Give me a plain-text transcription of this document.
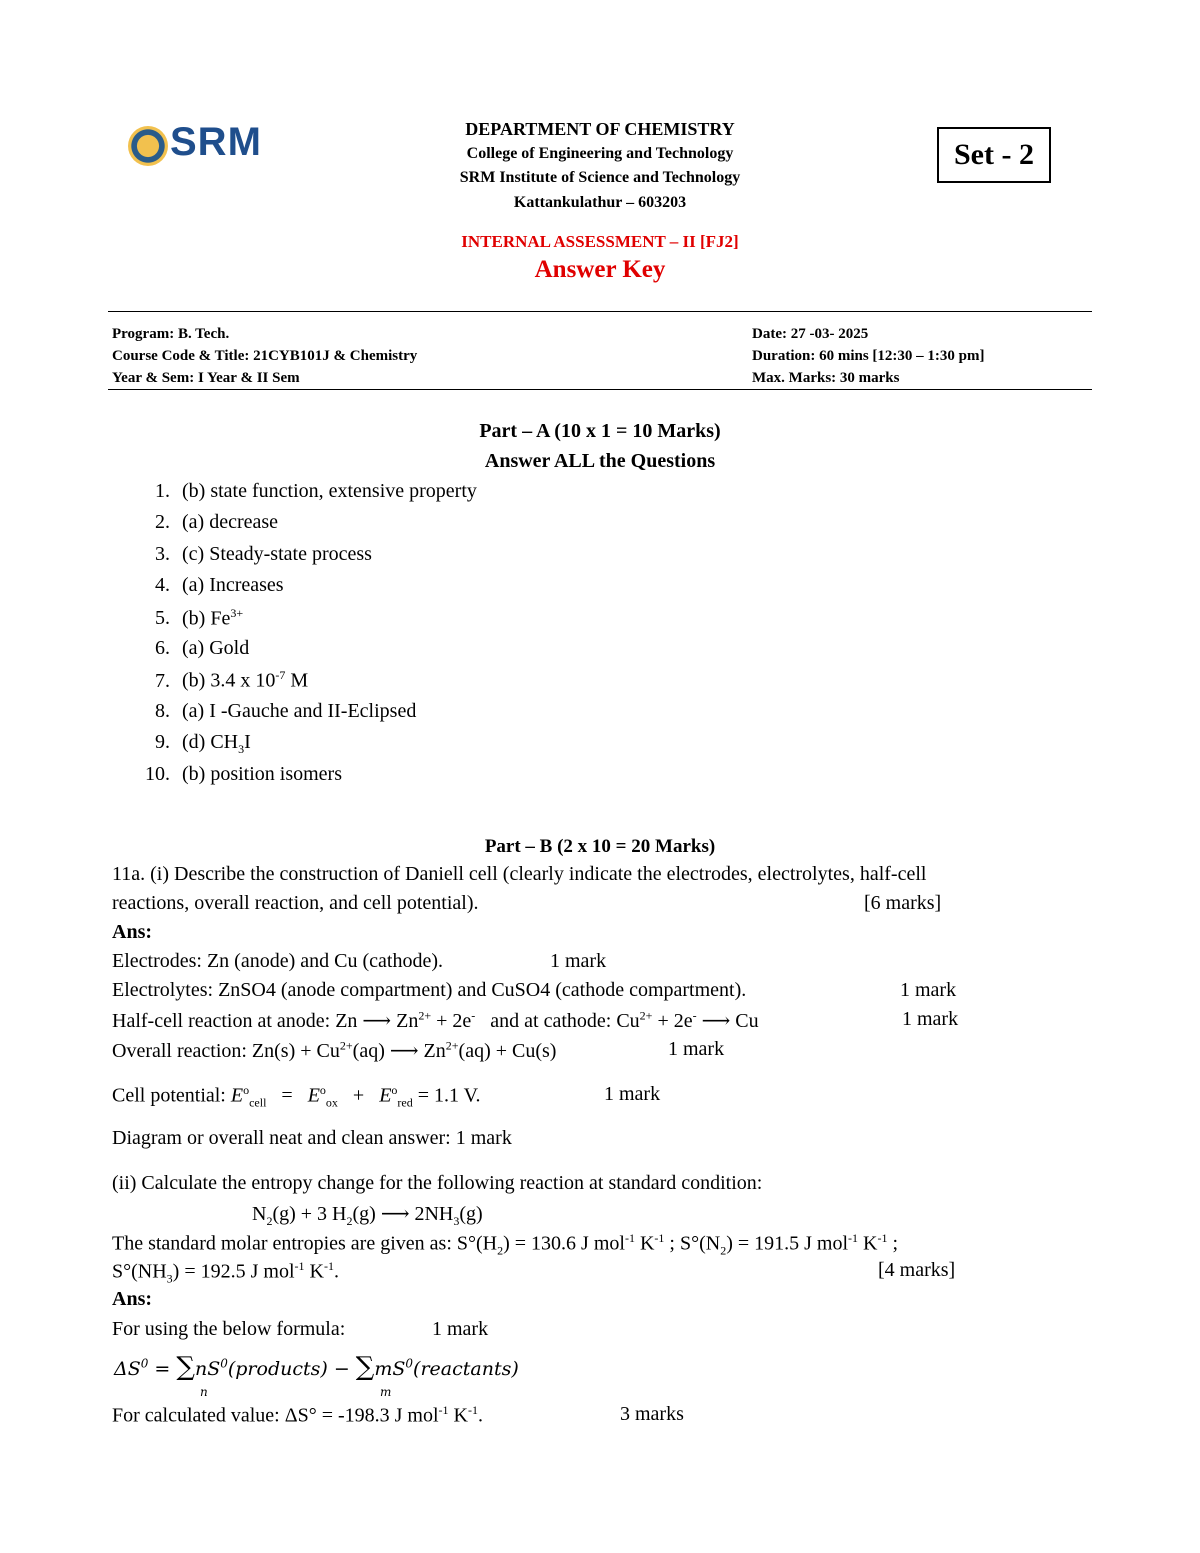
SRM	DEPARTMENT OF CHEMISTRY
College of Engineering and Technology
SRM Institute of Science and Technology
Kattankulathur – 603203
Set - 2
INTERNAL ASSESSMENT – II [FJ2]
Answer Key
Program: B. Tech.
Course Code & Title: 21CYB101J & Chemistry
Year & Sem: I Year & II Sem
Date: 27 -03- 2025
Duration: 60 mins [12:30 – 1:30 pm]
Max. Marks: 30 marks
Part – A (10 x 1 = 10 Marks)
Answer ALL the Questions
1. (b) state function, extensive property
2. (a) decrease
3. (c) Steady-state process
4. (a) Increases
5. (b) $Fe^{3+}$
6. (a) Gold
7. (b) 3.4 x $10^{-7}$ M
8. (a) I -Gauche and II-Eclipsed
9. (d) $CH_3I$
10. (b) position isomers
Part – B (2 x 10 = 20 Marks)
11a. (i) Describe the construction of Daniell cell (clearly indicate the electrodes, electrolytes, half-cell
reactions, overall reaction, and cell potential).	[6 marks]
Ans:
Electrodes: Zn (anode) and Cu (cathode).	1 mark
Electrolytes: ZnSO4 (anode compartment) and CuSO4 (cathode compartment).	1 mark
Half-cell reaction at anode: Zn ⟶ $Zn^{2+} + 2e^-$ and at cathode: $Cu^{2+} + 2e^-$ ⟶ Cu	1 mark
Overall reaction: $Zn(s) + Cu^{2+}(aq)$ ⟶ $Zn^{2+}(aq) + Cu(s)$	1 mark
Cell potential: $E^o_{cell} = E^o_{ox} + E^o_{red} = 1.1$ V.	1 mark
Diagram or overall neat and clean answer: 1 mark
(ii) Calculate the entropy change for the following reaction at standard condition:
$N_2(g) + 3$ $H_2(g)$ ⟶ $2NH_3(g)$
The standard molar entropies are given as: $S^\circ(H_2) = 130.6$ J mol$^{-1}$ $K^{-1}$ ; $S^\circ(N_2) = 191.5$ J mol$^{-1}$ $K^{-1}$ ;
$S^\circ(NH_3) = 192.5$ J mol$^{-1}$ $K^{-1}$.	[4 marks]
Ans:
For using the below formula:	1 mark
$\Delta S^0$ = $\sum nS^0(products)$ − $\sum mS^0(reactants)$
n	m
For calculated value: ΔS° = -198.3 J mol$^{-1}$ $K^{-1}$.	3 marks
